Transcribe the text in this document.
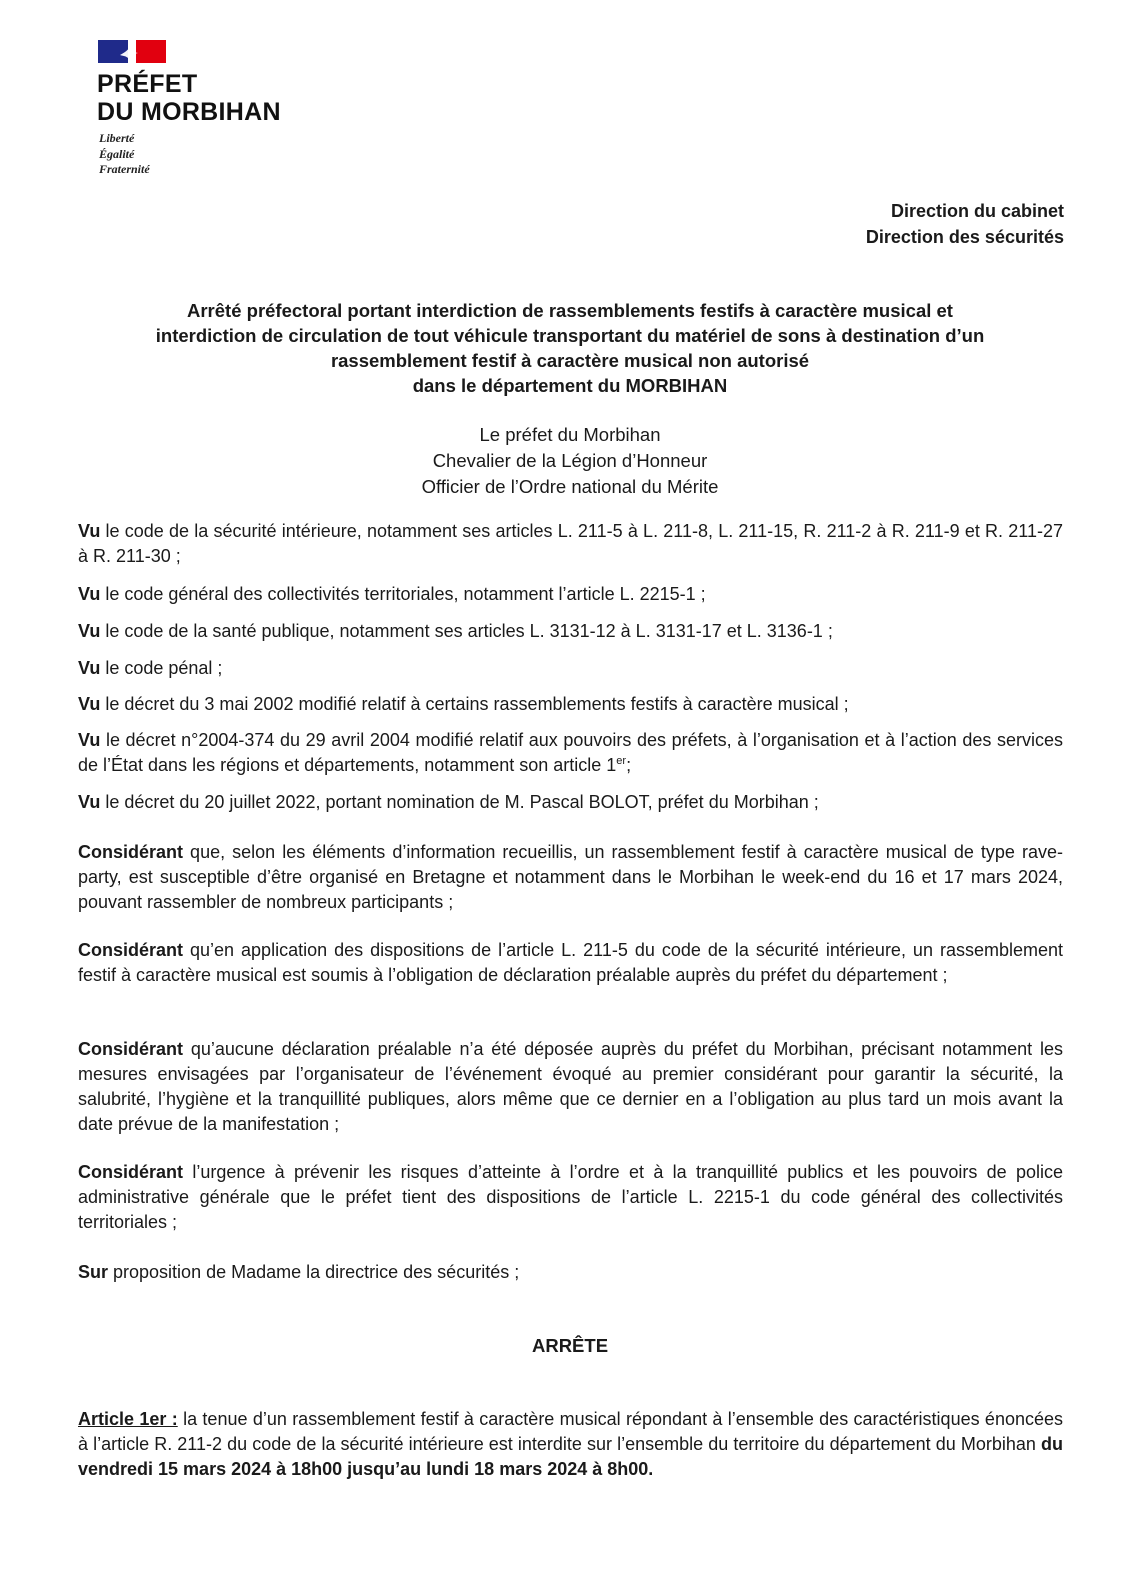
PRÉFET
DU MORBIHAN
Liberté
Égalité
Fraternité
Direction du cabinet
Direction des sécurités
Arrêté préfectoral portant interdiction de rassemblements festifs à caractère musical et
interdiction de circulation de tout véhicule transportant du matériel de sons à destination d’un
rassemblement festif à caractère musical non autorisé
dans le département du MORBIHAN
Le préfet du Morbihan
Chevalier de la Légion d’Honneur
Officier de l’Ordre national du Mérite

Vu le code de la sécurité intérieure, notamment ses articles L. 211-5 à L. 211-8, L. 211-15, R. 211-2 à R. 211-9 et R. 211-27 à R. 211-30 ;

Vu le code général des collectivités territoriales, notamment l’article L. 2215-1 ;

Vu le code de la santé publique, notamment ses articles L. 3131-12 à L. 3131-17 et L. 3136-1 ;

Vu le code pénal ;

Vu le décret du 3 mai 2002 modifié relatif à certains rassemblements festifs à caractère musical ;

Vu le décret n°2004-374 du 29 avril 2004 modifié relatif aux pouvoirs des préfets, à l’organisation et à l’action des services de l’État dans les régions et départements, notamment son article 1er;

Vu le décret du 20 juillet 2022, portant nomination de M. Pascal BOLOT, préfet du Morbihan ;

Considérant que, selon les éléments d’information recueillis, un rassemblement festif à caractère musical de type rave-party, est susceptible d’être organisé en Bretagne et notamment dans le Morbihan le week-end du 16 et 17 mars 2024, pouvant rassembler de nombreux participants ;

Considérant qu’en application des dispositions de l’article L. 211-5 du code de la sécurité intérieure, un rassemblement festif à caractère musical est soumis à l’obligation de déclaration préalable auprès du préfet du département ;

Considérant qu’aucune déclaration préalable n’a été déposée auprès du préfet du Morbihan, précisant notamment les mesures envisagées par l’organisateur de l’événement évoqué au premier considérant pour garantir la sécurité, la salubrité, l’hygiène et la tranquillité publiques, alors même que ce dernier en a l’obligation au plus tard un mois avant la date prévue de la manifestation ;

Considérant l’urgence à prévenir les risques d’atteinte à l’ordre et à la tranquillité publics et les pouvoirs de police administrative générale que le préfet tient des dispositions de l’article L. 2215-1 du code général des collectivités territoriales ;

Sur proposition de Madame la directrice des sécurités ;

ARRÊTE

Article 1er : la tenue d’un rassemblement festif à caractère musical répondant à l’ensemble des caractéristiques énoncées à l’article R. 211-2 du code de la sécurité intérieure est interdite sur l’ensemble du territoire du département du Morbihan du vendredi 15 mars 2024 à 18h00 jusqu’au lundi 18 mars 2024 à 8h00.
